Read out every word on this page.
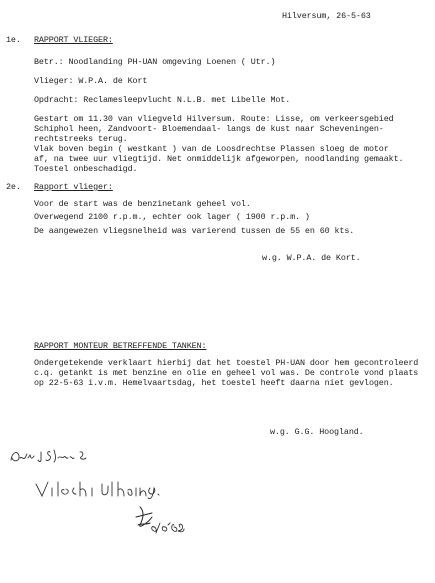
Hilversum, 26-5-63
1e. RAPPORT VLIEGER:
Betr.: Noodlanding PH-UAN omgeving Loenen ( Utr.)
Vlieger: W.P.A. de Kort
Opdracht: Reclamesleepvlucht N.L.B. met Libelle Mot.
Gestart om 11.30 van vliegveld Hilversum. Route: Lisse, om verkeersgebied
Schiphol heen, Zandvoort- Bloemendaal- langs de kust naar Scheveningen-
rechtstreeks terug.
Vlak boven begin ( westkant ) van de Loosdrechtse Plassen sloeg de motor
af, na twee uur vliegtijd. Net onmiddelijk afgeworpen, noodlanding gemaakt.
Toestel onbeschadigd.
2e. Rapport vlieger:
Voor de start was de benzinetank geheel vol.
Overwegend 2100 r.p.m., echter ook lager ( 1900 r.p.m. )
De aangewezen vliegsnelheid was varierend tussen de 55 en 60 kts.
w.g. W.P.A. de Kort.
RAPPORT MONTEUR BETREFFENDE TANKEN:
Ondergetekende verklaart hierbij dat het toestel PH-UAN door hem gecontroleerd
c.q. getankt is met benzine en olie en geheel vol was. De controle vond plaats
op 22-5-63 i.v.m. Hemelvaartsdag, het toestel heeft daarna niet gevlogen.
w.g. G.G. Hoogland.
